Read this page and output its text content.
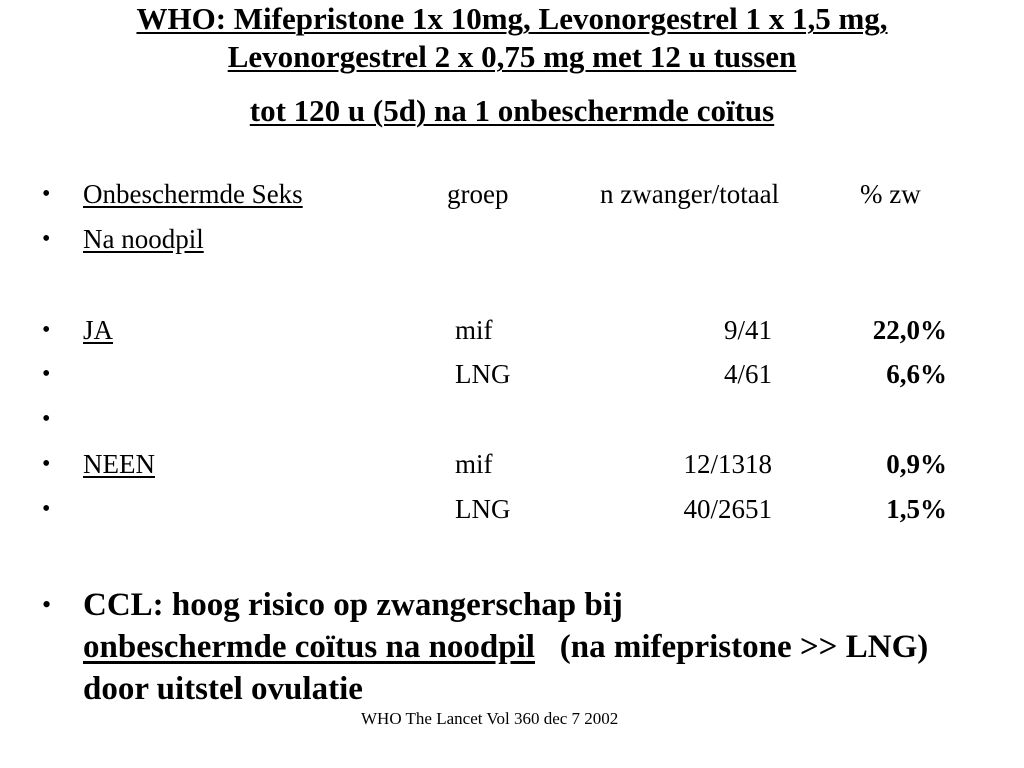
WHO: Mifepristone 1x 10mg, Levonorgestrel 1 x 1,5 mg,
Levonorgestrel 2 x 0,75 mg met 12 u tussen
tot 120 u (5d) na 1 onbeschermde coïtus
• Onbeschermde Seks	groep	n zwanger/totaal	% zw
• Na noodpil
• JA	mif	9/41	22,0%
•	LNG	4/61	6,6%
•
• NEEN	mif	12/1318	0,9%
•	LNG	40/2651	1,5%
• CCL: hoog risico op zwangerschap bij
onbeschermde coïtus na noodpil (na mifepristone >> LNG) door uitstel ovulatie
WHO The Lancet Vol 360 dec 7 2002
